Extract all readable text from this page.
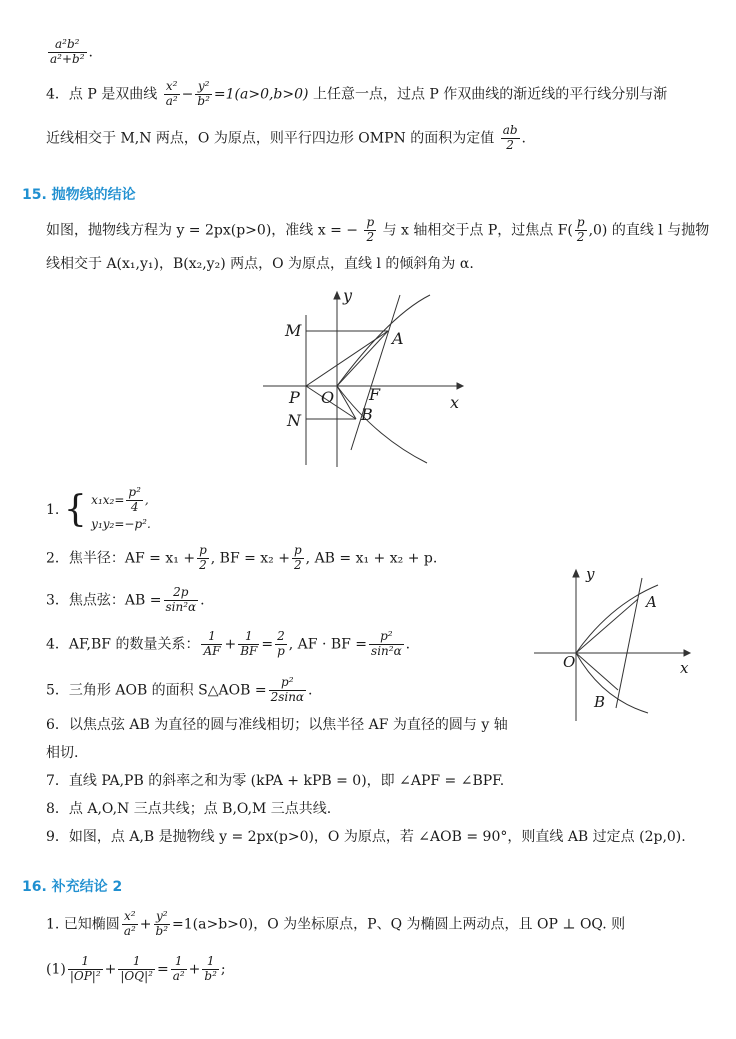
$\frac{\text{a²b²}}{\text{a²+b²}}$ .
4．点 P 是双曲线 $\frac{\text{x²}}{\text{a²}} - \frac{\text{y²}}{\text{b²}} =1(a>0,b>0)$ 上任意一点，过点 P 作双曲线的渐近线的平行线分别与渐
近线相交于 M,N 两点，O 为原点，则平行四边形 OMPN 的面积为定值 $\frac{ab}{2}$ .
15. 抛物线的结论
如图，抛物线方程为 y = 2px(p>0)，准线 x = − $\frac{p}{2}$ 与 x 轴相交于点 P，过焦点 $F( \frac{p}{2} ,0)$ 的直线 l 与抛物
线相交于 A(x₁,y₁)，B(x₂,y₂) 两点，O 为原点，直线 l 的倾斜角为 α.
y
x
M	A
P O F
N	B
1. { $x_1x_2= \frac{\text{p²}}{4}$ ,
y₁y₂=−p².
2．焦半径：AF = $x_1 + \frac{p}{2}$ , BF = $x_2 + \frac{p}{2}$ , AB = x₁ + x₂ + p.
3．焦点弦：AB = $\frac{2p}{\text{sin²α}}$ .
4．AF,BF 的数量关系： $\frac{1}{AF} + \frac{1}{BF} = \frac{2}{p}$ , AF · BF = $\frac{\text{p²}}{\text{sin²α}}$ .
5．三角形 AOB 的面积 S△AOB = $\frac{\text{p²}}{2\sin\alpha}$ .
6．以焦点弦 AB 为直径的圆与准线相切；以焦半径 AF 为直径的圆与 y 轴
相切.
7．直线 PA,PB 的斜率之和为零 (kPA + kPB = 0)，即 ∠APF = ∠BPF.
8．点 A,O,N 三点共线；点 B,O,M 三点共线.
9．如图，点 A,B 是抛物线 y = 2px(p>0)，O 为原点，若 ∠AOB = 90°，则直线 AB 过定点 (2p,0).
y
x
A
O
B
16. 补充结论 2
1. 已知椭圆 $\frac{\text{x²}}{\text{a²}} + \frac{\text{y²}}{\text{b²}} =1(a>b>0)$，O 为坐标原点，P、Q 为椭圆上两动点，且 OP ⊥ OQ. 则
$(1) \frac{1}{\text{|OP|²}} + \frac{1}{\text{|OQ|²}} = \frac{1}{\text{a²}} + \frac{1}{\text{b²}}$ ;
